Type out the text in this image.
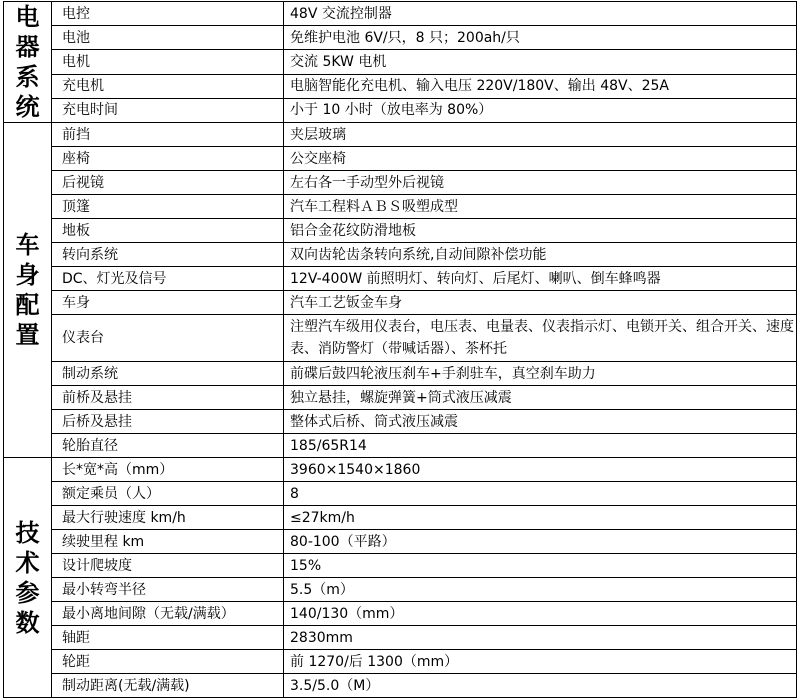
电器系统	电控	48V 交流控制器
	电池	免维护电池 6V/只，8 只；200ah/只
	电机	交流 5KW 电机
	充电机	电脑智能化充电机、输入电压 220V/180V、输出 48V、25A
	充电时间	小于 10 小时（放电率为 80%）
车身配置	前挡	夹层玻璃
	座椅	公交座椅
	后视镜	左右各一手动型外后视镜
	顶篷	汽车工程料ＡＢＳ吸塑成型
	地板	铝合金花纹防滑地板
	转向系统	双向齿轮齿条转向系统,自动间隙补偿功能
	DC、灯光及信号	12V-400W 前照明灯、转向灯、后尾灯、喇叭、倒车蜂鸣器
	车身	汽车工艺钣金车身
	仪表台	注塑汽车级用仪表台，电压表、电量表、仪表指示灯、电锁开关、组合开关、速度表、消防警灯（带喊话器）、茶杯托
	制动系统	前碟后鼓四轮液压刹车+手刹驻车，真空刹车助力
	前桥及悬挂	独立悬挂，螺旋弹簧+筒式液压减震
	后桥及悬挂	整体式后桥、筒式液压减震
	轮胎直径	185/65R14
技术参数	长*宽*高（mm）	3960×1540×1860
	额定乘员（人）	8
	最大行驶速度 km/h	≤27km/h
	续驶里程 km	80-100（平路）
	设计爬坡度	15%
	最小转弯半径	5.5（m）
	最小离地间隙（无载/满载）	140/130（mm）
	轴距	2830mm
	轮距	前 1270/后 1300（mm）
	制动距离(无载/满载)	3.5/5.0（M）
